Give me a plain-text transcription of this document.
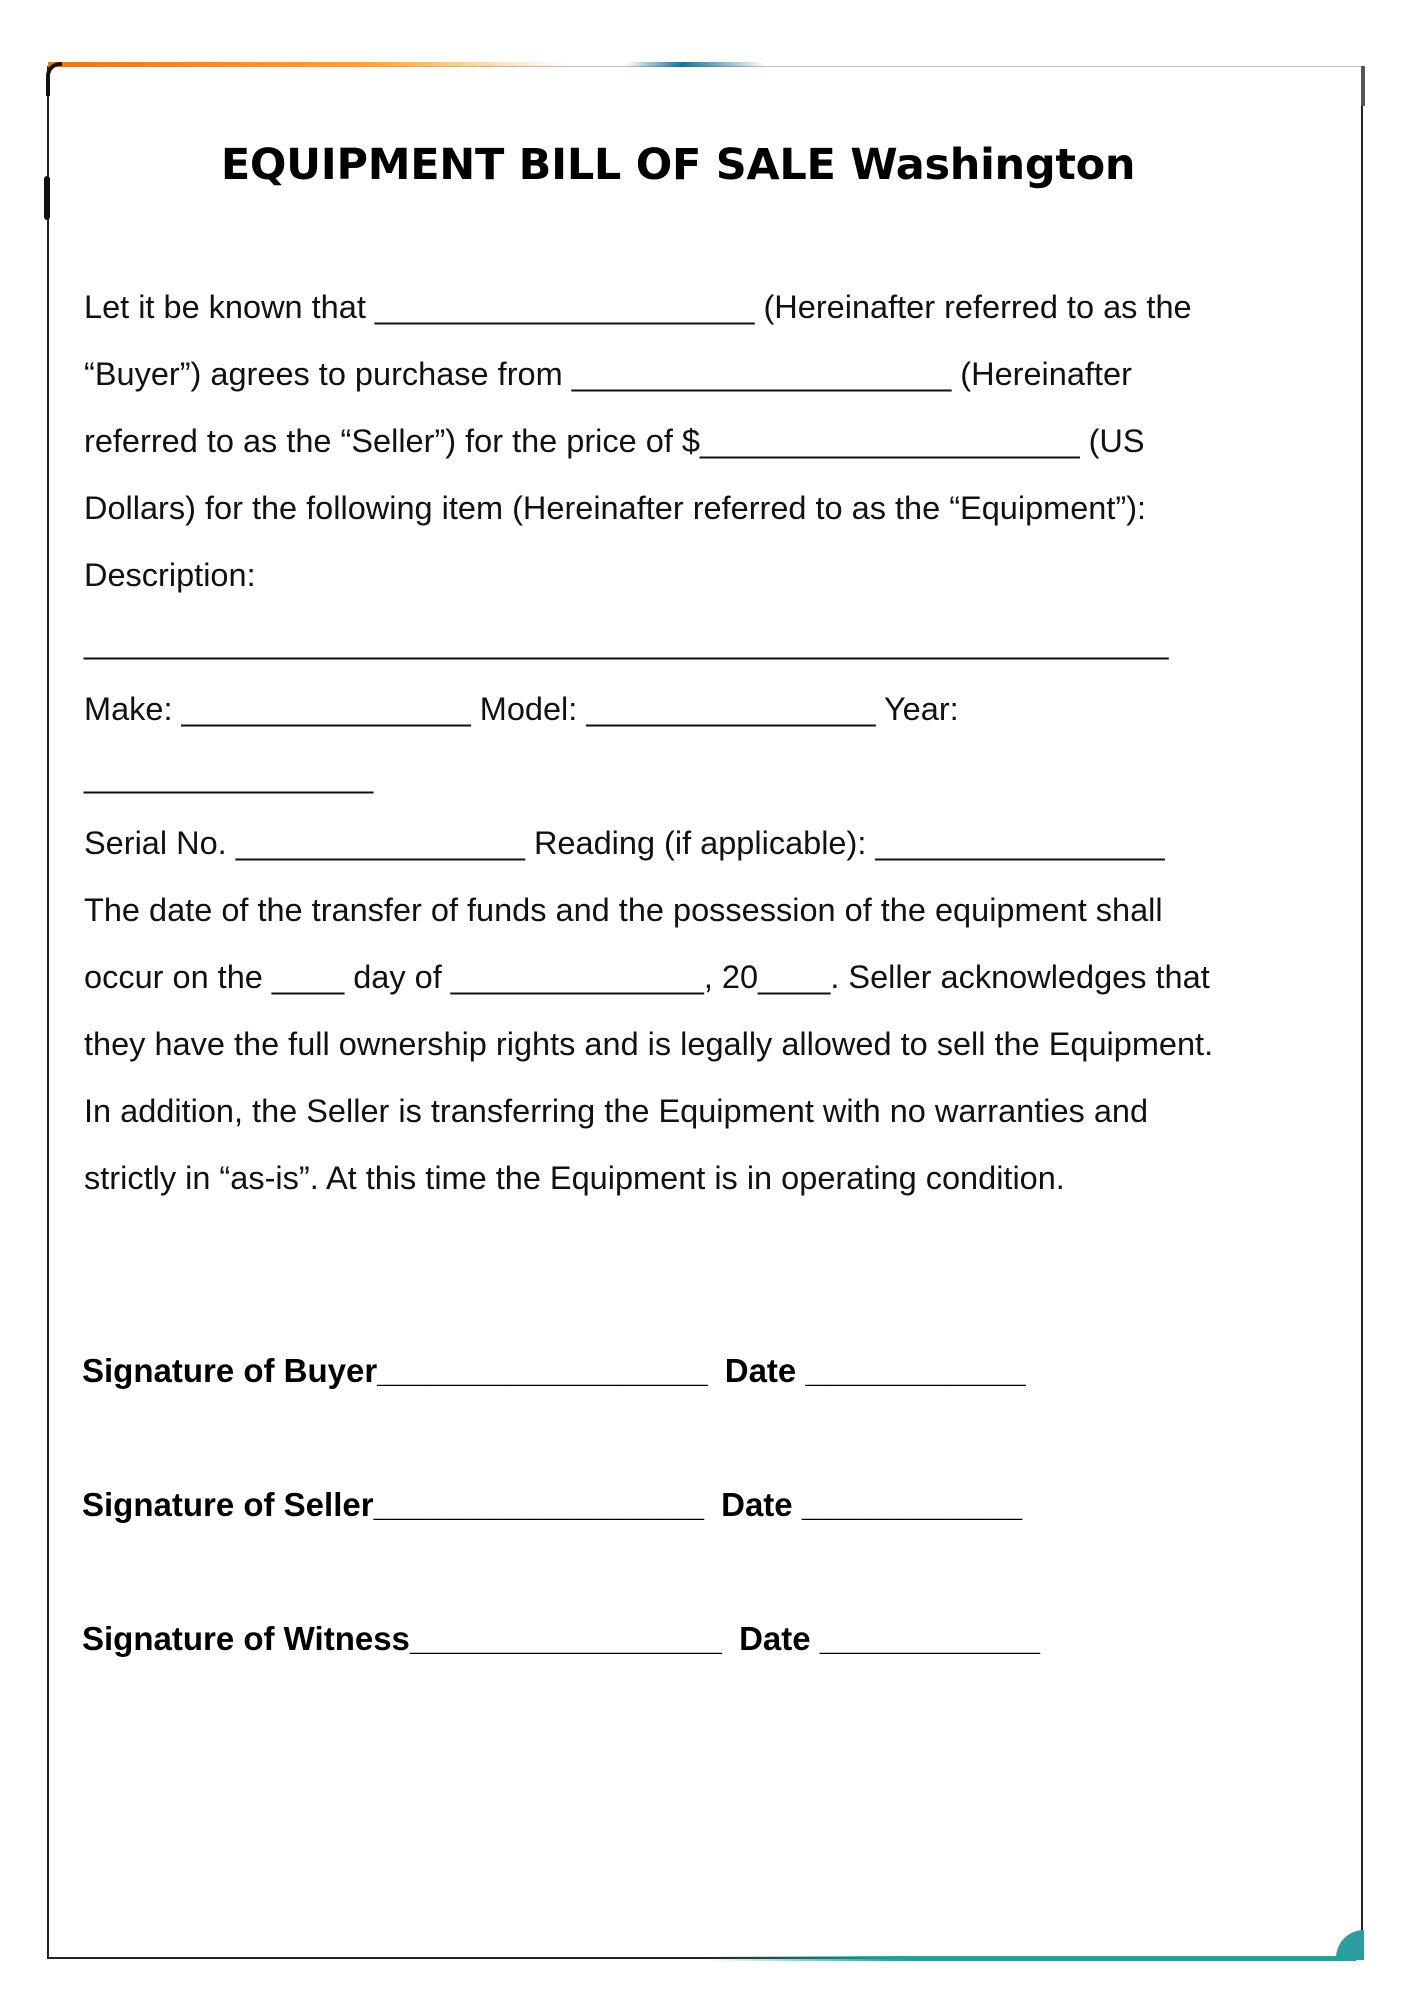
EQUIPMENT BILL OF SALE Washington

Let it be known that _____________________ (Hereinafter referred to as the

“Buyer”) agrees to purchase from _____________________ (Hereinafter

referred to as the “Seller”) for the price of $_____________________ (US

Dollars) for the following item (Hereinafter referred to as the “Equipment”):

Description:

____________________________________________________________

Make: ________________ Model: ________________ Year:

________________

Serial No. ________________ Reading (if applicable): ________________

The date of the transfer of funds and the possession of the equipment shall

occur on the ____ day of ______________, 20____. Seller acknowledges that

they have the full ownership rights and is legally allowed to sell the Equipment.

In addition, the Seller is transferring the Equipment with no warranties and

strictly in “as-is”. At this time the Equipment is in operating condition.

Signature of Buyer__________________ Date ____________
Signature of Seller__________________ Date ____________
Signature of Witness_________________ Date ____________
